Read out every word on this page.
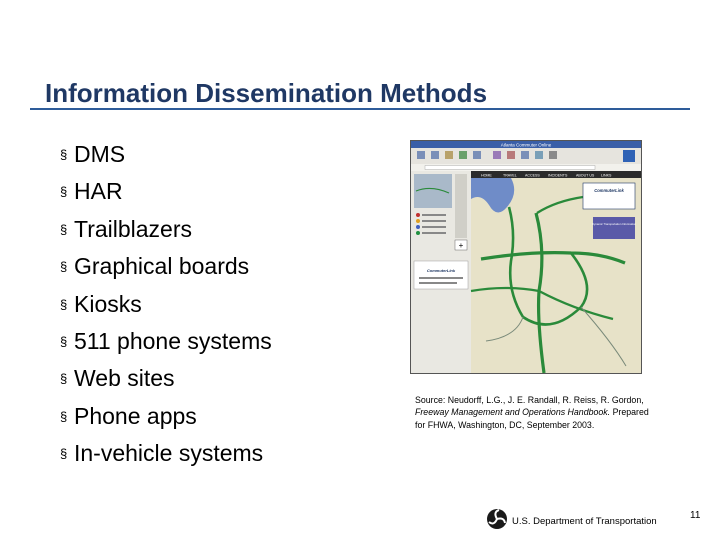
Information Dissemination Methods
§ DMS
§ HAR
§ Trailblazers
§ Graphical boards
§ Kiosks
§ 511 phone systems
§ Web sites
§ Phone apps
§ In-vehicle systems
Atlanta Commuter Online
+
CommuterLink
HOME	TRAVEL ACCESS INCIDENTS ABOUT US LINKS
CommuterLink
Dynamic Transportation Information
Source: Neudorff, L.G., J. E. Randall, R. Reiss, R. Gordon,
Freeway Management and Operations Handbook. Prepared
for FHWA, Washington, DC, September 2003.
U.S. Department of Transportation
11
